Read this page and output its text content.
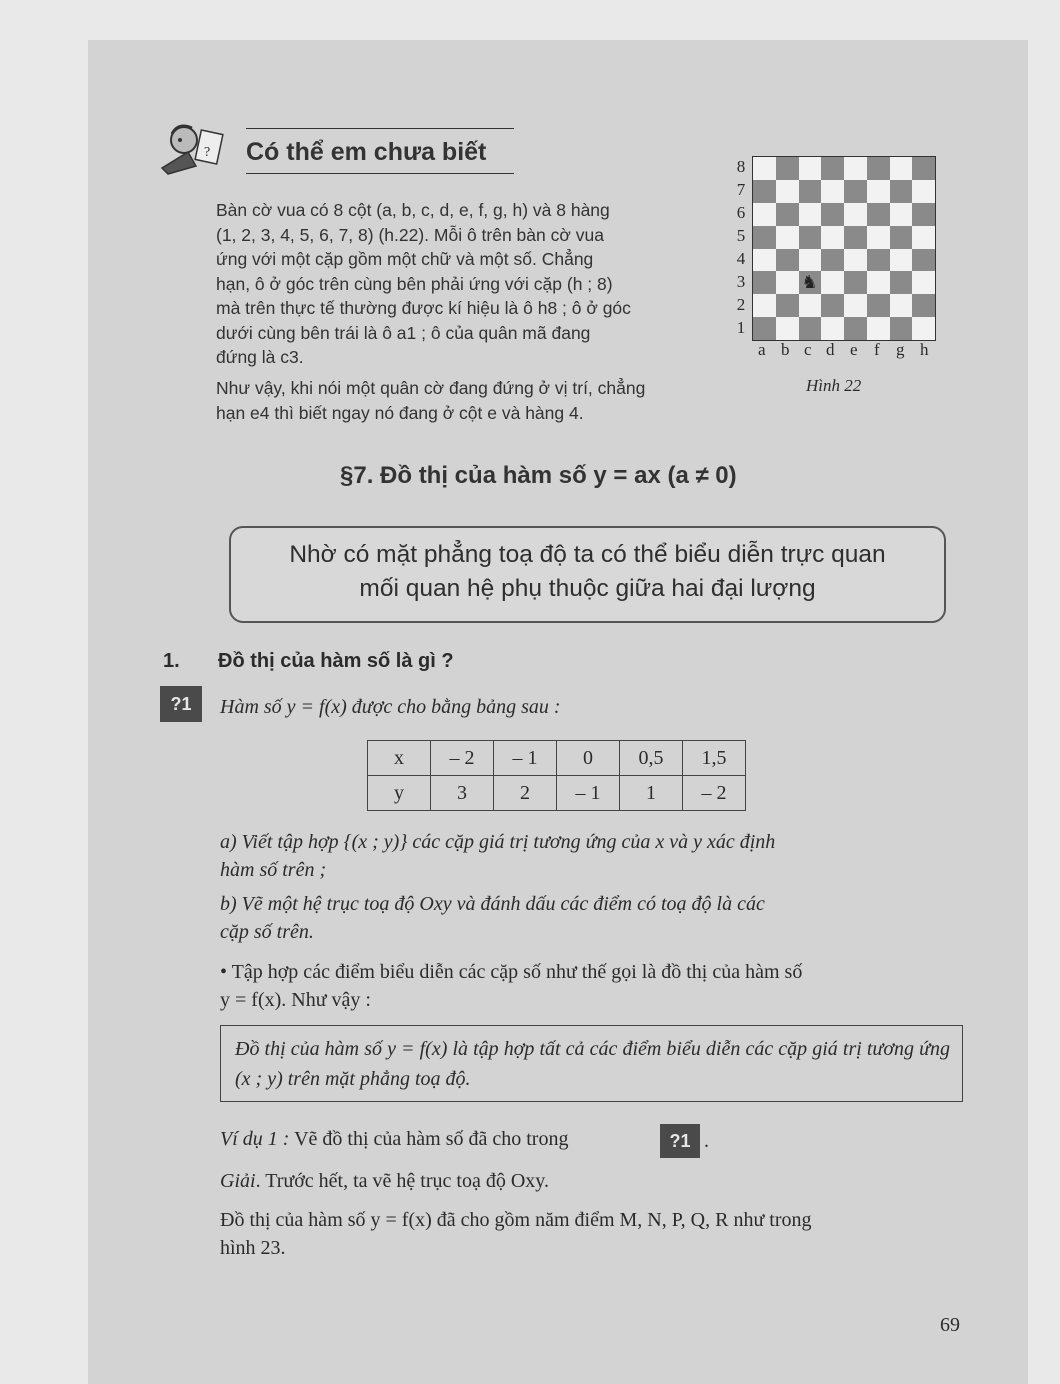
? Có thể em chưa biết
Bàn cờ vua có 8 cột (a, b, c, d, e, f, g, h) và 8 hàng
(1, 2, 3, 4, 5, 6, 7, 8) (h.22). Mỗi ô trên bàn cờ vua
ứng với một cặp gồm một chữ và một số. Chẳng
hạn, ô ở góc trên cùng bên phải ứng với cặp (h ; 8)
mà trên thực tế thường được kí hiệu là ô h8 ; ô ở góc
dưới cùng bên trái là ô a1 ; ô của quân mã đang
đứng là c3.
Như vậy, khi nói một quân cờ đang đứng ở vị trí, chẳng
hạn e4 thì biết ngay nó đang ở cột e và hàng 4.
♞
8
7
6
5
4
3
2
1
a b c d e f g h
Hình 22
§7. Đồ thị của hàm số y = ax (a ≠ 0)
Nhờ có mặt phẳng toạ độ ta có thể biểu diễn trực quan
mối quan hệ phụ thuộc giữa hai đại lượng
1. Đồ thị của hàm số là gì ?
?1	Hàm số y = f(x) được cho bằng bảng sau :
x	– 2	– 1	0	0,5	1,5
y	3	2	– 1	1	– 2
a) Viết tập hợp {(x ; y)} các cặp giá trị tương ứng của x và y xác định
hàm số trên ;
b) Vẽ một hệ trục toạ độ Oxy và đánh dấu các điểm có toạ độ là các
cặp số trên.
• Tập hợp các điểm biểu diễn các cặp số như thế gọi là đồ thị của hàm số
y = f(x). Như vậy :
Đồ thị của hàm số y = f(x) là tập hợp tất cả các điểm biểu diễn các cặp giá trị tương ứng (x ; y) trên mặt phẳng toạ độ.
Ví dụ 1 : Vẽ đồ thị của hàm số đã cho trong	?1 .
Giải. Trước hết, ta vẽ hệ trục toạ độ Oxy.
Đồ thị của hàm số y = f(x) đã cho gồm năm điểm M, N, P, Q, R như trong
hình 23.
69
